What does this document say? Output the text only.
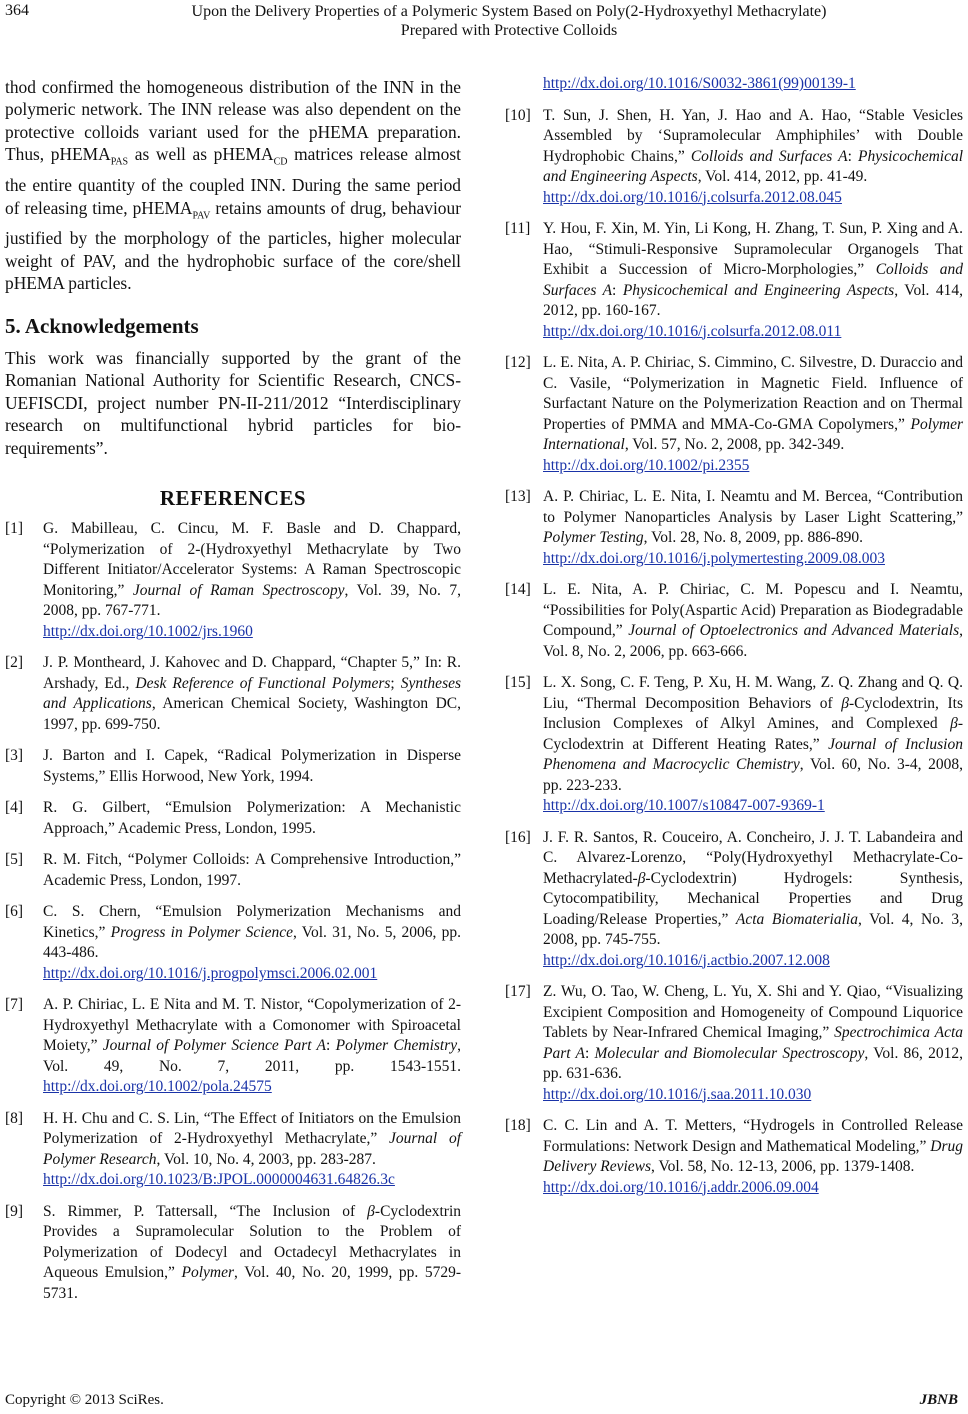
364	Upon the Delivery Properties of a Polymeric System Based on Poly(2-Hydroxyethyl Methacrylate)
Prepared with Protective Colloids

thod confirmed the homogeneous distribution of the INN in the polymeric network. The INN release was also dependent on the protective colloids variant used for the pHEMA preparation. Thus, pHEMA$_{PAS}$ as well as pHEMA$_{CD}$ matrices release almost the entire quantity of the coupled INN. During the same period of releasing time, pHEMA$_{PAV}$ retains amounts of drug, behaviour justified by the morphology of the particles, higher molecular weight of PAV, and the hydrophobic surface of the core/shell pHEMA particles.

5. Acknowledgements

This work was financially supported by the grant of the Romanian National Authority for Scientific Research, CNCS-UEFISCDI, project number PN-II-211/2012 “Interdisciplinary research on multifunctional hybrid particles for bio-requirements”.

REFERENCES
[1] G. Mabilleau, C. Cincu, M. F. Basle and D. Chappard, “Polymerization of 2-(Hydroxyethyl Methacrylate by Two Different Initiator/Accelerator Systems: A Raman Spectroscopic Monitoring,” Journal of Raman Spectroscopy, Vol. 39, No. 7, 2008, pp. 767-771.
http://dx.doi.org/10.1002/jrs.1960
[2] J. P. Montheard, J. Kahovec and D. Chappard, “Chapter 5,” In: R. Arshady, Ed., Desk Reference of Functional Polymers; Syntheses and Applications, American Chemical Society, Washington DC, 1997, pp. 699-750.
[3] J. Barton and I. Capek, “Radical Polymerization in Disperse Systems,” Ellis Horwood, New York, 1994.
[4] R. G. Gilbert, “Emulsion Polymerization: A Mechanistic Approach,” Academic Press, London, 1995.
[5] R. M. Fitch, “Polymer Colloids: A Comprehensive Introduction,” Academic Press, London, 1997.
[6] C. S. Chern, “Emulsion Polymerization Mechanisms and Kinetics,” Progress in Polymer Science, Vol. 31, No. 5, 2006, pp. 443-486.
http://dx.doi.org/10.1016/j.progpolymsci.2006.02.001
[7] A. P. Chiriac, L. E Nita and M. T. Nistor, “Copolymerization of 2-Hydroxyethyl Methacrylate with a Comonomer with Spiroacetal Moiety,” Journal of Polymer Science Part A: Polymer Chemistry, Vol. 49, No. 7, 2011, pp. 1543-1551. http://dx.doi.org/10.1002/pola.24575
[8] H. H. Chu and C. S. Lin, “The Effect of Initiators on the Emulsion Polymerization of 2-Hydroxyethyl Methacrylate,” Journal of Polymer Research, Vol. 10, No. 4, 2003, pp. 283-287.
http://dx.doi.org/10.1023/B:JPOL.0000004631.64826.3c
[9] S. Rimmer, P. Tattersall, “The Inclusion of β-Cyclodextrin Provides a Supramolecular Solution to the Problem of Polymerization of Dodecyl and Octadecyl Methacrylates in Aqueous Emulsion,” Polymer, Vol. 40, No. 20, 1999, pp. 5729-5731.
http://dx.doi.org/10.1016/S0032-3861(99)00139-1
[10] T. Sun, J. Shen, H. Yan, J. Hao and A. Hao, “Stable Vesicles Assembled by ‘Supramolecular Amphiphiles’ with Double Hydrophobic Chains,” Colloids and Surfaces A: Physicochemical and Engineering Aspects, Vol. 414, 2012, pp. 41-49.
http://dx.doi.org/10.1016/j.colsurfa.2012.08.045
[11] Y. Hou, F. Xin, M. Yin, Li Kong, H. Zhang, T. Sun, P. Xing and A. Hao, “Stimuli-Responsive Supramolecular Organogels That Exhibit a Succession of Micro-Morphologies,” Colloids and Surfaces A: Physicochemical and Engineering Aspects, Vol. 414, 2012, pp. 160-167.
http://dx.doi.org/10.1016/j.colsurfa.2012.08.011
[12] L. E. Nita, A. P. Chiriac, S. Cimmino, C. Silvestre, D. Duraccio and C. Vasile, “Polymerization in Magnetic Field. Influence of Surfactant Nature on the Polymerization Reaction and on Thermal Properties of PMMA and MMA-Co-GMA Copolymers,” Polymer International, Vol. 57, No. 2, 2008, pp. 342-349.
http://dx.doi.org/10.1002/pi.2355
[13] A. P. Chiriac, L. E. Nita, I. Neamtu and M. Bercea, “Contribution to Polymer Nanoparticles Analysis by Laser Light Scattering,” Polymer Testing, Vol. 28, No. 8, 2009, pp. 886-890.
http://dx.doi.org/10.1016/j.polymertesting.2009.08.003
[14] L. E. Nita, A. P. Chiriac, C. M. Popescu and I. Neamtu, “Possibilities for Poly(Aspartic Acid) Preparation as Biodegradable Compound,” Journal of Optoelectronics and Advanced Materials, Vol. 8, No. 2, 2006, pp. 663-666.
[15] L. X. Song, C. F. Teng, P. Xu, H. M. Wang, Z. Q. Zhang and Q. Q. Liu, “Thermal Decomposition Behaviors of β-Cyclodextrin, Its Inclusion Complexes of Alkyl Amines, and Complexed β-Cyclodextrin at Different Heating Rates,” Journal of Inclusion Phenomena and Macrocyclic Chemistry, Vol. 60, No. 3-4, 2008, pp. 223-233.
http://dx.doi.org/10.1007/s10847-007-9369-1
[16] J. F. R. Santos, R. Couceiro, A. Concheiro, J. J. T. Labandeira and C. Alvarez-Lorenzo, “Poly(Hydroxyethyl Methacrylate-Co-Methacrylated-β-Cyclodextrin) Hydrogels: Synthesis, Cytocompatibility, Mechanical Properties and Drug Loading/Release Properties,” Acta Biomaterialia, Vol. 4, No. 3, 2008, pp. 745-755.
http://dx.doi.org/10.1016/j.actbio.2007.12.008
[17] Z. Wu, O. Tao, W. Cheng, L. Yu, X. Shi and Y. Qiao, “Visualizing Excipient Composition and Homogeneity of Compound Liquorice Tablets by Near-Infrared Chemical Imaging,” Spectrochimica Acta Part A: Molecular and Biomolecular Spectroscopy, Vol. 86, 2012, pp. 631-636.
http://dx.doi.org/10.1016/j.saa.2011.10.030
[18] C. C. Lin and A. T. Metters, “Hydrogels in Controlled Release Formulations: Network Design and Mathematical Modeling,” Drug Delivery Reviews, Vol. 58, No. 12-13, 2006, pp. 1379-1408.
http://dx.doi.org/10.1016/j.addr.2006.09.004
Copyright © 2013 SciRes.	JBNB
